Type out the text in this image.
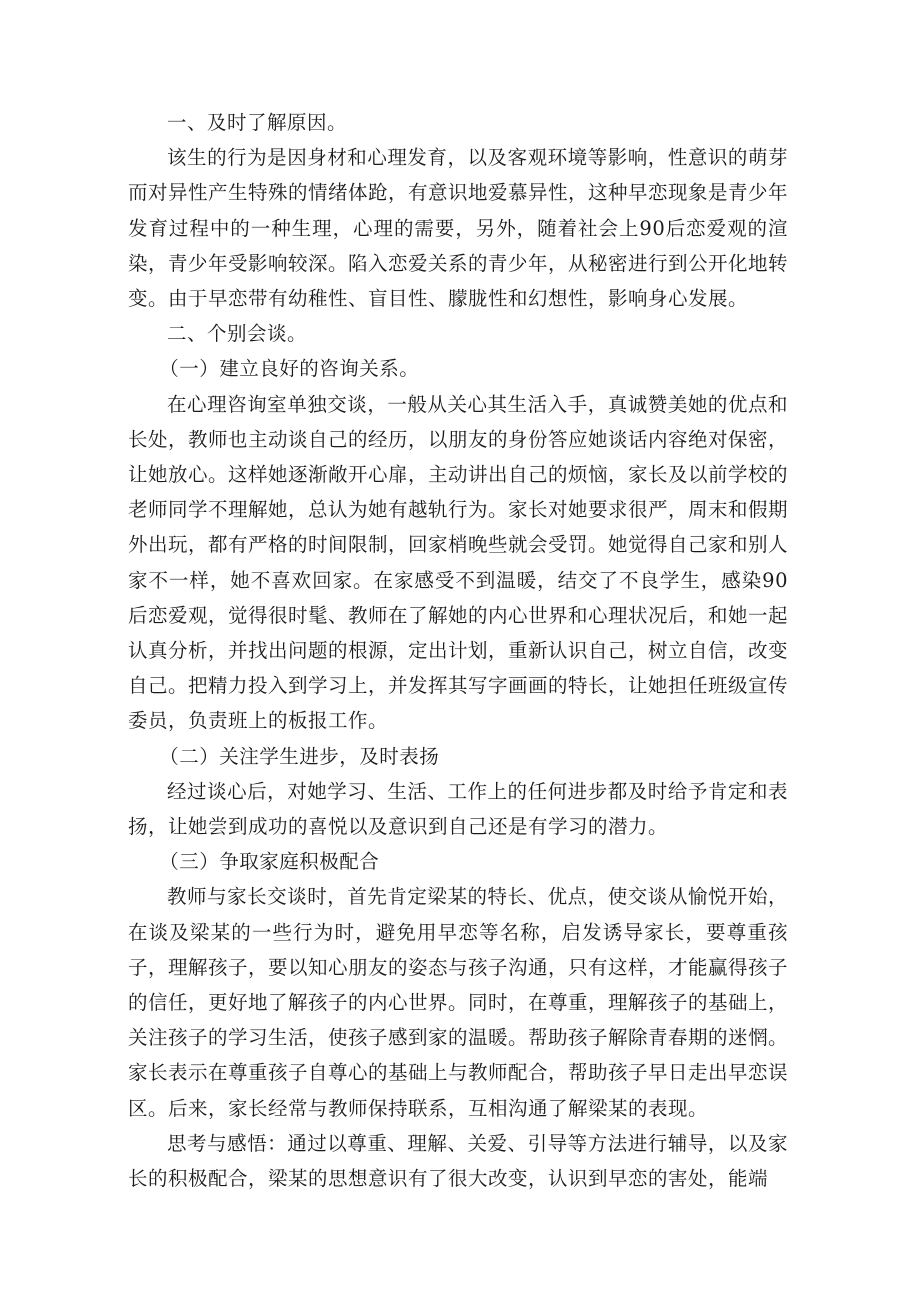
一、及时了解原因。

该生的行为是因身材和心理发育，以及客观环境等影响，性意识的萌芽而对异性产生特殊的情绪体跄，有意识地爱慕异性，这种早恋现象是青少年发育过程中的一种生理，心理的需要，另外，随着社会上90后恋爱观的渲染，青少年受影响较深。陷入恋爱关系的青少年，从秘密进行到公开化地转变。由于早恋带有幼稚性、盲目性、朦胧性和幻想性，影响身心发展。

二、个别会谈。

（一）建立良好的咨询关系。

在心理咨询室单独交谈，一般从关心其生活入手，真诚赞美她的优点和长处，教师也主动谈自己的经历，以朋友的身份答应她谈话内容绝对保密，让她放心。这样她逐渐敞开心扉，主动讲出自己的烦恼，家长及以前学校的老师同学不理解她，总认为她有越轨行为。家长对她要求很严，周末和假期外出玩，都有严格的时间限制，回家梢晚些就会受罚。她觉得自己家和别人家不一样，她不喜欢回家。在家感受不到温暖，结交了不良学生，感染90后恋爱观，觉得很时髦、教师在了解她的内心世界和心理状况后，和她一起认真分析，并找出问题的根源，定出计划，重新认识自己，树立自信，改变自己。把精力投入到学习上，并发挥其写字画画的特长，让她担任班级宣传委员，负责班上的板报工作。

（二）关注学生进步，及时表扬

经过谈心后，对她学习、生活、工作上的任何进步都及时给予肯定和表扬，让她尝到成功的喜悦以及意识到自己还是有学习的潜力。

（三）争取家庭积极配合

教师与家长交谈时，首先肯定梁某的特长、优点，使交谈从愉悦开始，在谈及梁某的一些行为时，避免用早恋等名称，启发诱导家长，要尊重孩子，理解孩子，要以知心朋友的姿态与孩子沟通，只有这样，才能赢得孩子的信任，更好地了解孩子的内心世界。同时，在尊重，理解孩子的基础上，关注孩子的学习生活，使孩子感到家的温暖。帮助孩子解除青春期的迷惘。家长表示在尊重孩子自尊心的基础上与教师配合，帮助孩子早日走出早恋误区。后来，家长经常与教师保持联系，互相沟通了解梁某的表现。

思考与感悟：通过以尊重、理解、关爱、引导等方法进行辅导，以及家长的积极配合，梁某的思想意识有了很大改变，认识到早恋的害处，能端
